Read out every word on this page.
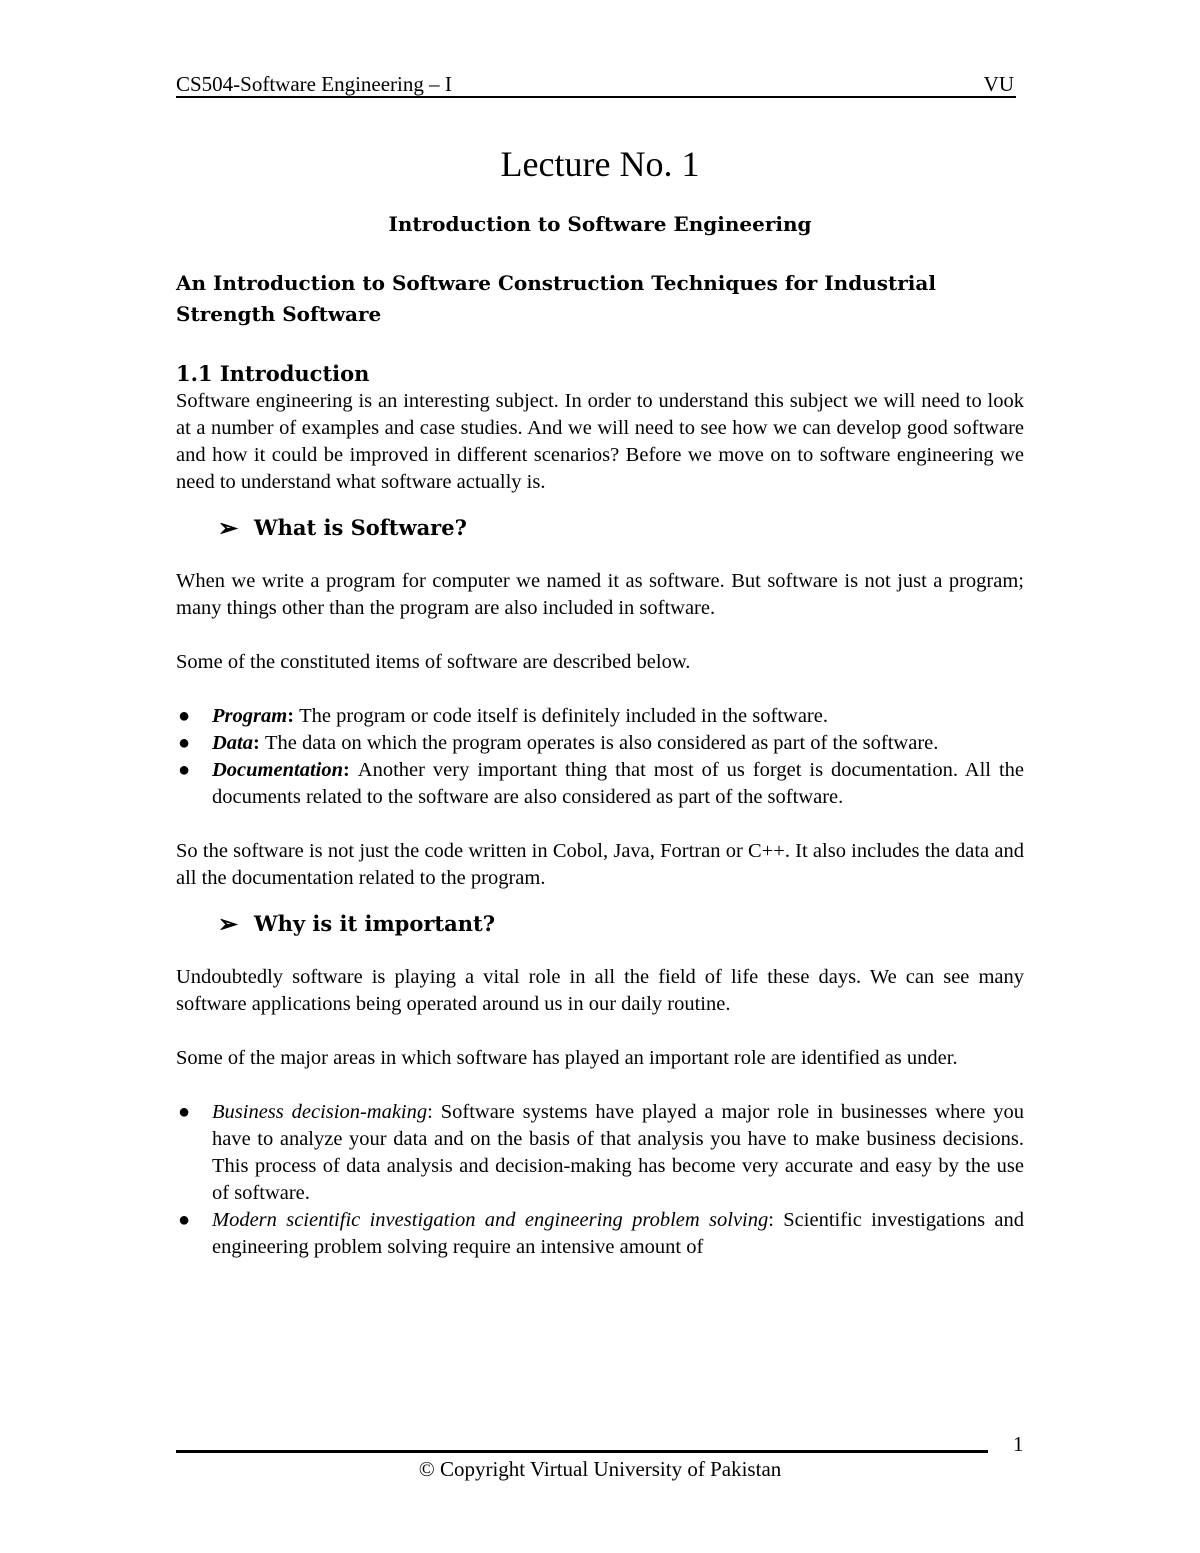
CS504-Software Engineering – I	VU
Lecture No. 1
Introduction to Software Engineering
An Introduction to Software Construction Techniques for Industrial Strength Software
1.1 Introduction

Software engineering is an interesting subject. In order to understand this subject we will need to look at a number of examples and case studies. And we will need to see how we can develop good software and how it could be improved in different scenarios? Before we move on to software engineering we need to understand what software actually is.

➢ What is Software?

When we write a program for computer we named it as software. But software is not just a program; many things other than the program are also included in software.

Some of the constituted items of software are described below.

● Program: The program or code itself is definitely included in the software.
● Data: The data on which the program operates is also considered as part of the software.
● Documentation: Another very important thing that most of us forget is documentation. All the documents related to the software are also considered as part of the software.

So the software is not just the code written in Cobol, Java, Fortran or C++. It also includes the data and all the documentation related to the program.

➢ Why is it important?

Undoubtedly software is playing a vital role in all the field of life these days. We can see many software applications being operated around us in our daily routine.

Some of the major areas in which software has played an important role are identified as under.

● Business decision-making: Software systems have played a major role in businesses where you have to analyze your data and on the basis of that analysis you have to make business decisions. This process of data analysis and decision-making has become very accurate and easy by the use of software.
● Modern scientific investigation and engineering problem solving: Scientific investigations and engineering problem solving require an intensive amount of
1
© Copyright Virtual University of Pakistan
